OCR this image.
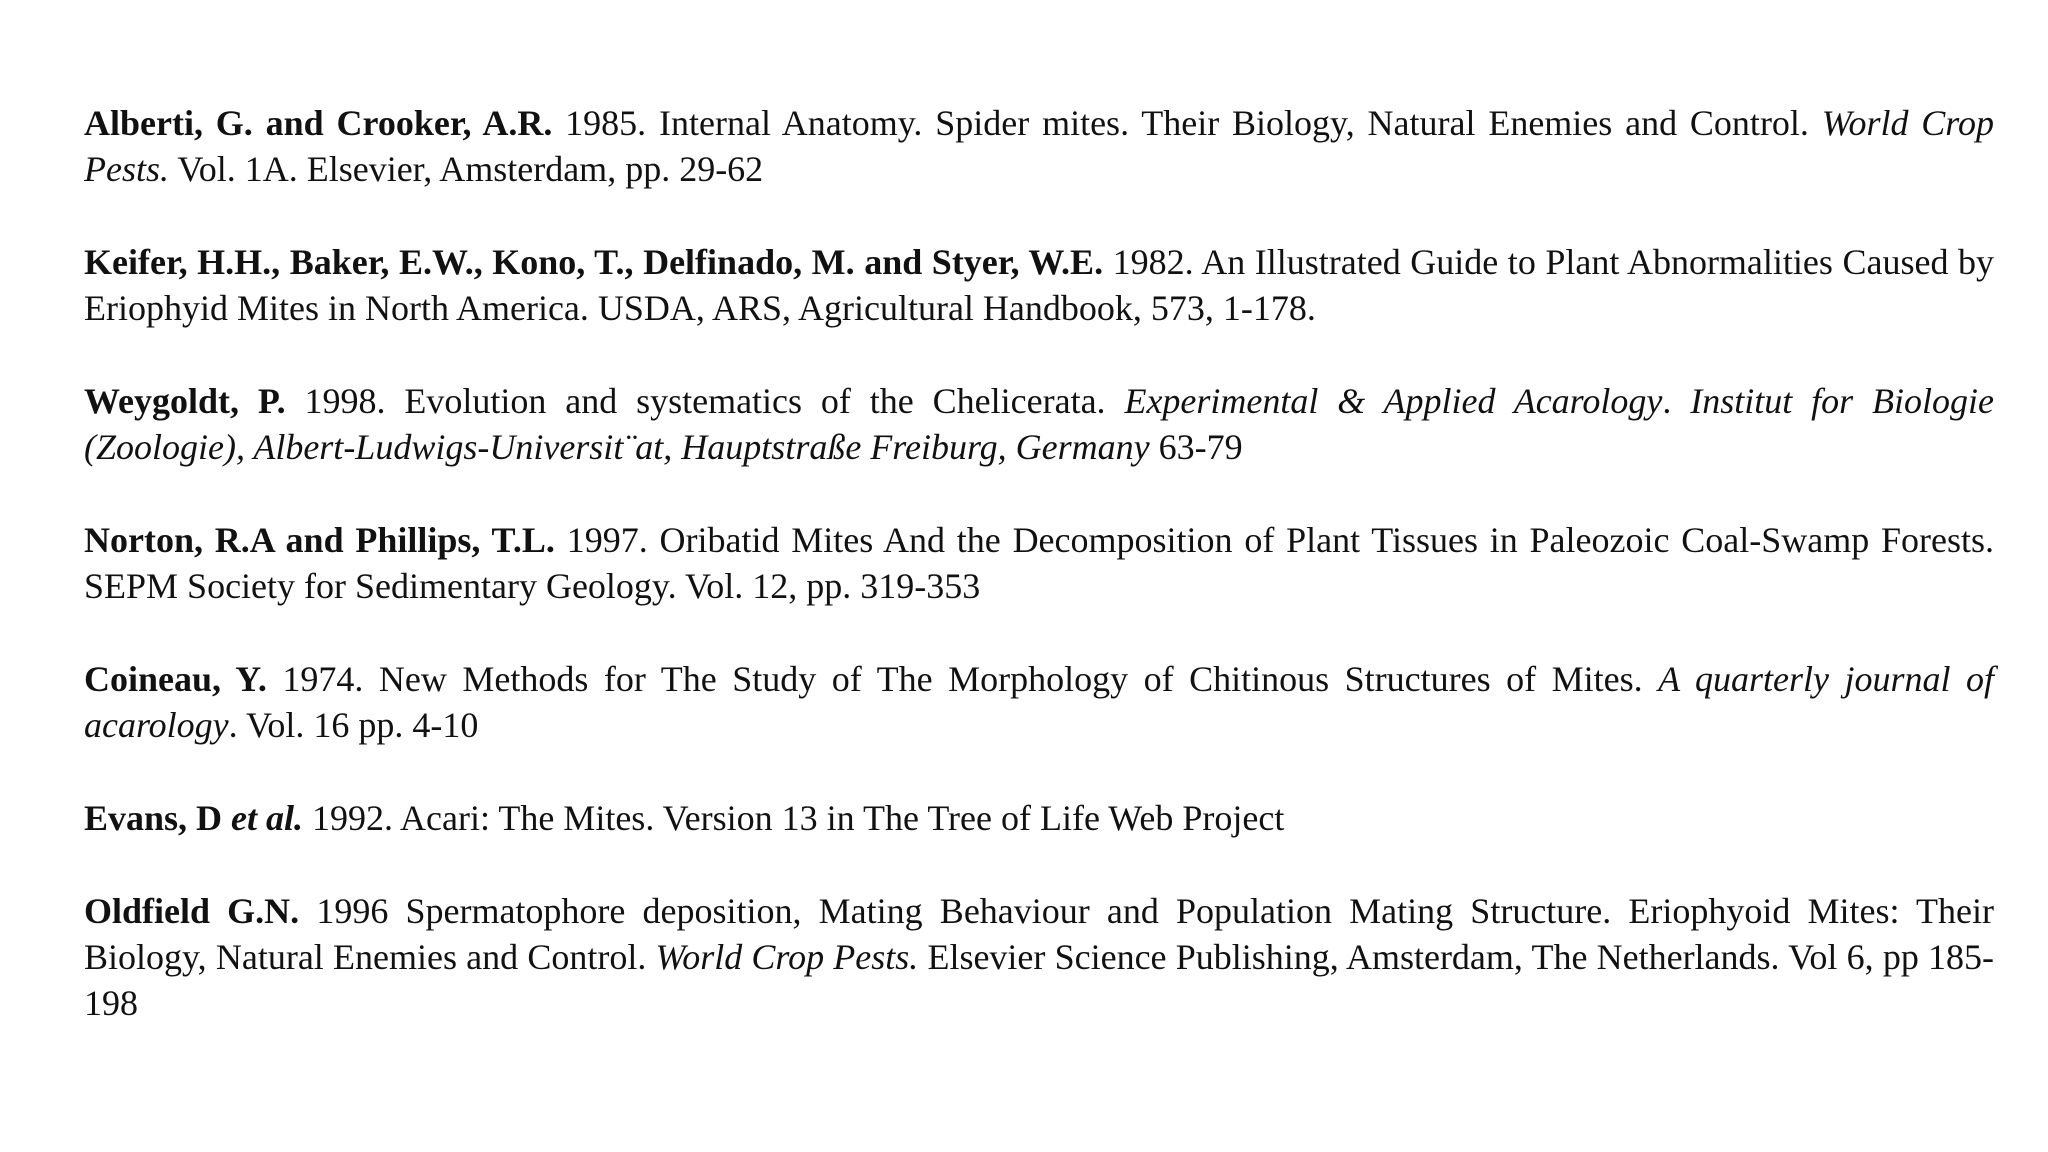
Alberti, G. and Crooker, A.R. 1985. Internal Anatomy. Spider mites. Their Biology, Natural Enemies and Control. World Crop Pests. Vol. 1A. Elsevier, Amsterdam, pp. 29-62

Keifer, H.H., Baker, E.W., Kono, T., Delfinado, M. and Styer, W.E. 1982. An Illustrated Guide to Plant Abnormalities Caused by Eriophyid Mites in North America. USDA, ARS, Agricultural Handbook, 573, 1-178.

Weygoldt, P. 1998. Evolution and systematics of the Chelicerata. Experimental & Applied Acarology. Institut for Biologie (Zoologie), Albert-Ludwigs-Universit¨at, Hauptstraße Freiburg, Germany 63-79

Norton, R.A and Phillips, T.L. 1997. Oribatid Mites And the Decomposition of Plant Tissues in Paleozoic Coal-Swamp Forests. SEPM Society for Sedimentary Geology. Vol. 12, pp. 319-353

Coineau, Y. 1974. New Methods for The Study of The Morphology of Chitinous Structures of Mites. A quarterly journal of acarology. Vol. 16 pp. 4-10

Evans, D et al. 1992. Acari: The Mites. Version 13 in The Tree of Life Web Project

Oldfield G.N. 1996 Spermatophore deposition, Mating Behaviour and Population Mating Structure. Eriophyoid Mites: Their Biology, Natural Enemies and Control. World Crop Pests. Elsevier Science Publishing, Amsterdam, The Netherlands. Vol 6, pp 185-198
